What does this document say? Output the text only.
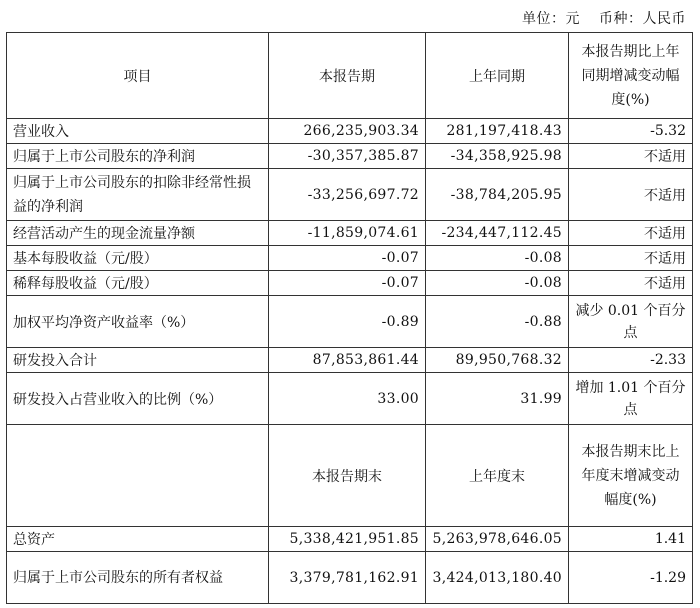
单位：元 币种：人民币
项目	本报告期	上年同期	本报告期比上年同期增减变动幅度(%)

营业收入	266,235,903.34	281,197,418.43	-5.32
归属于上市公司股东的净利润	-30,357,385.87	-34,358,925.98	不适用
归属于上市公司股东的扣除非经常性损益的净利润	-33,256,697.72	-38,784,205.95	不适用
经营活动产生的现金流量净额	-11,859,074.61	-234,447,112.45	不适用
基本每股收益（元/股）	-0.07	-0.08	不适用
稀释每股收益（元/股）	-0.07	-0.08	不适用
加权平均净资产收益率（%）	-0.89	-0.88	减少 0.01 个百分点
研发投入合计	87,853,861.44	89,950,768.32	-2.33
研发投入占营业收入的比例（%）	33.00	31.99	增加 1.01 个百分点
	本报告期末	上年度末	本报告期末比上年度末增减变动幅度(%)

总资产	5,338,421,951.85	5,263,978,646.05	1.41
归属于上市公司股东的所有者权益	3,379,781,162.91	3,424,013,180.40	-1.29
